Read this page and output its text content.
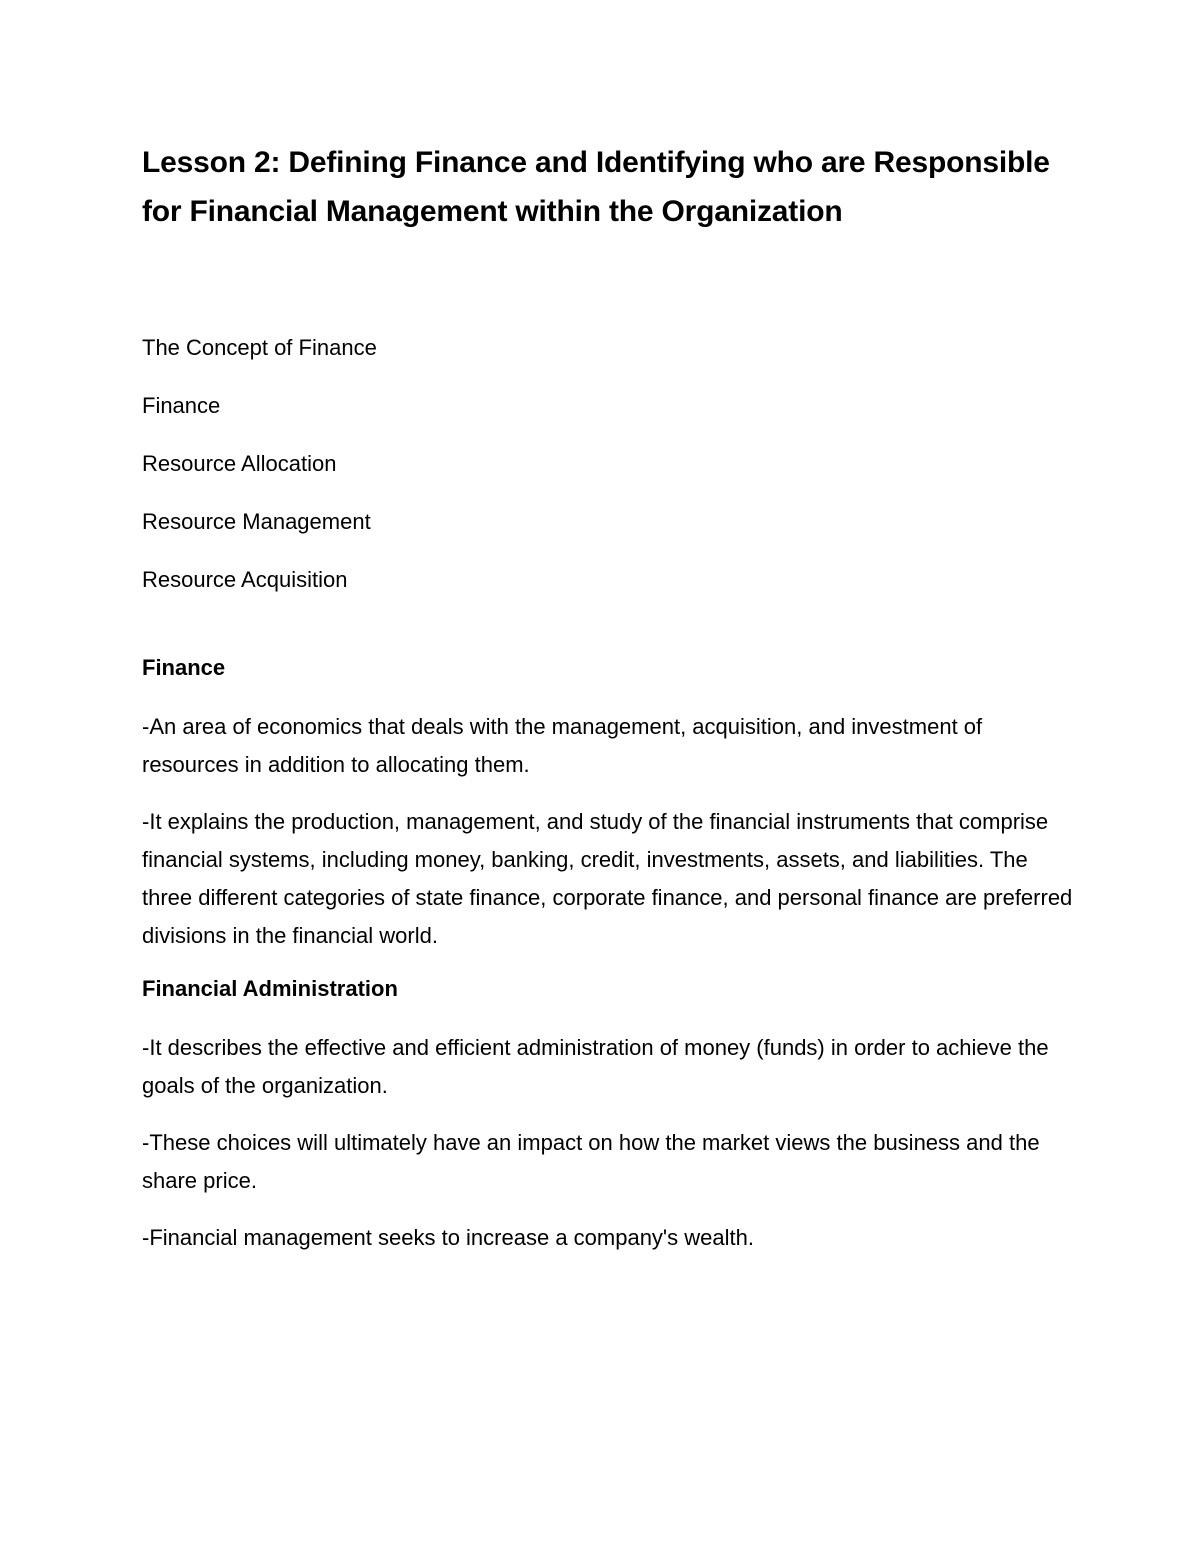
Lesson 2: Defining Finance and Identifying who are Responsible for Financial Management within the Organization
The Concept of Finance
Finance
Resource Allocation
Resource Management
Resource Acquisition
Finance

-An area of economics that deals with the management, acquisition, and investment of resources in addition to allocating them.

-It explains the production, management, and study of the financial instruments that comprise financial systems, including money, banking, credit, investments, assets, and liabilities. The three different categories of state finance, corporate finance, and personal finance are preferred divisions in the financial world.

Financial Administration

-It describes the effective and efficient administration of money (funds) in order to achieve the goals of the organization.

-These choices will ultimately have an impact on how the market views the business and the share price.

-Financial management seeks to increase a company's wealth.
